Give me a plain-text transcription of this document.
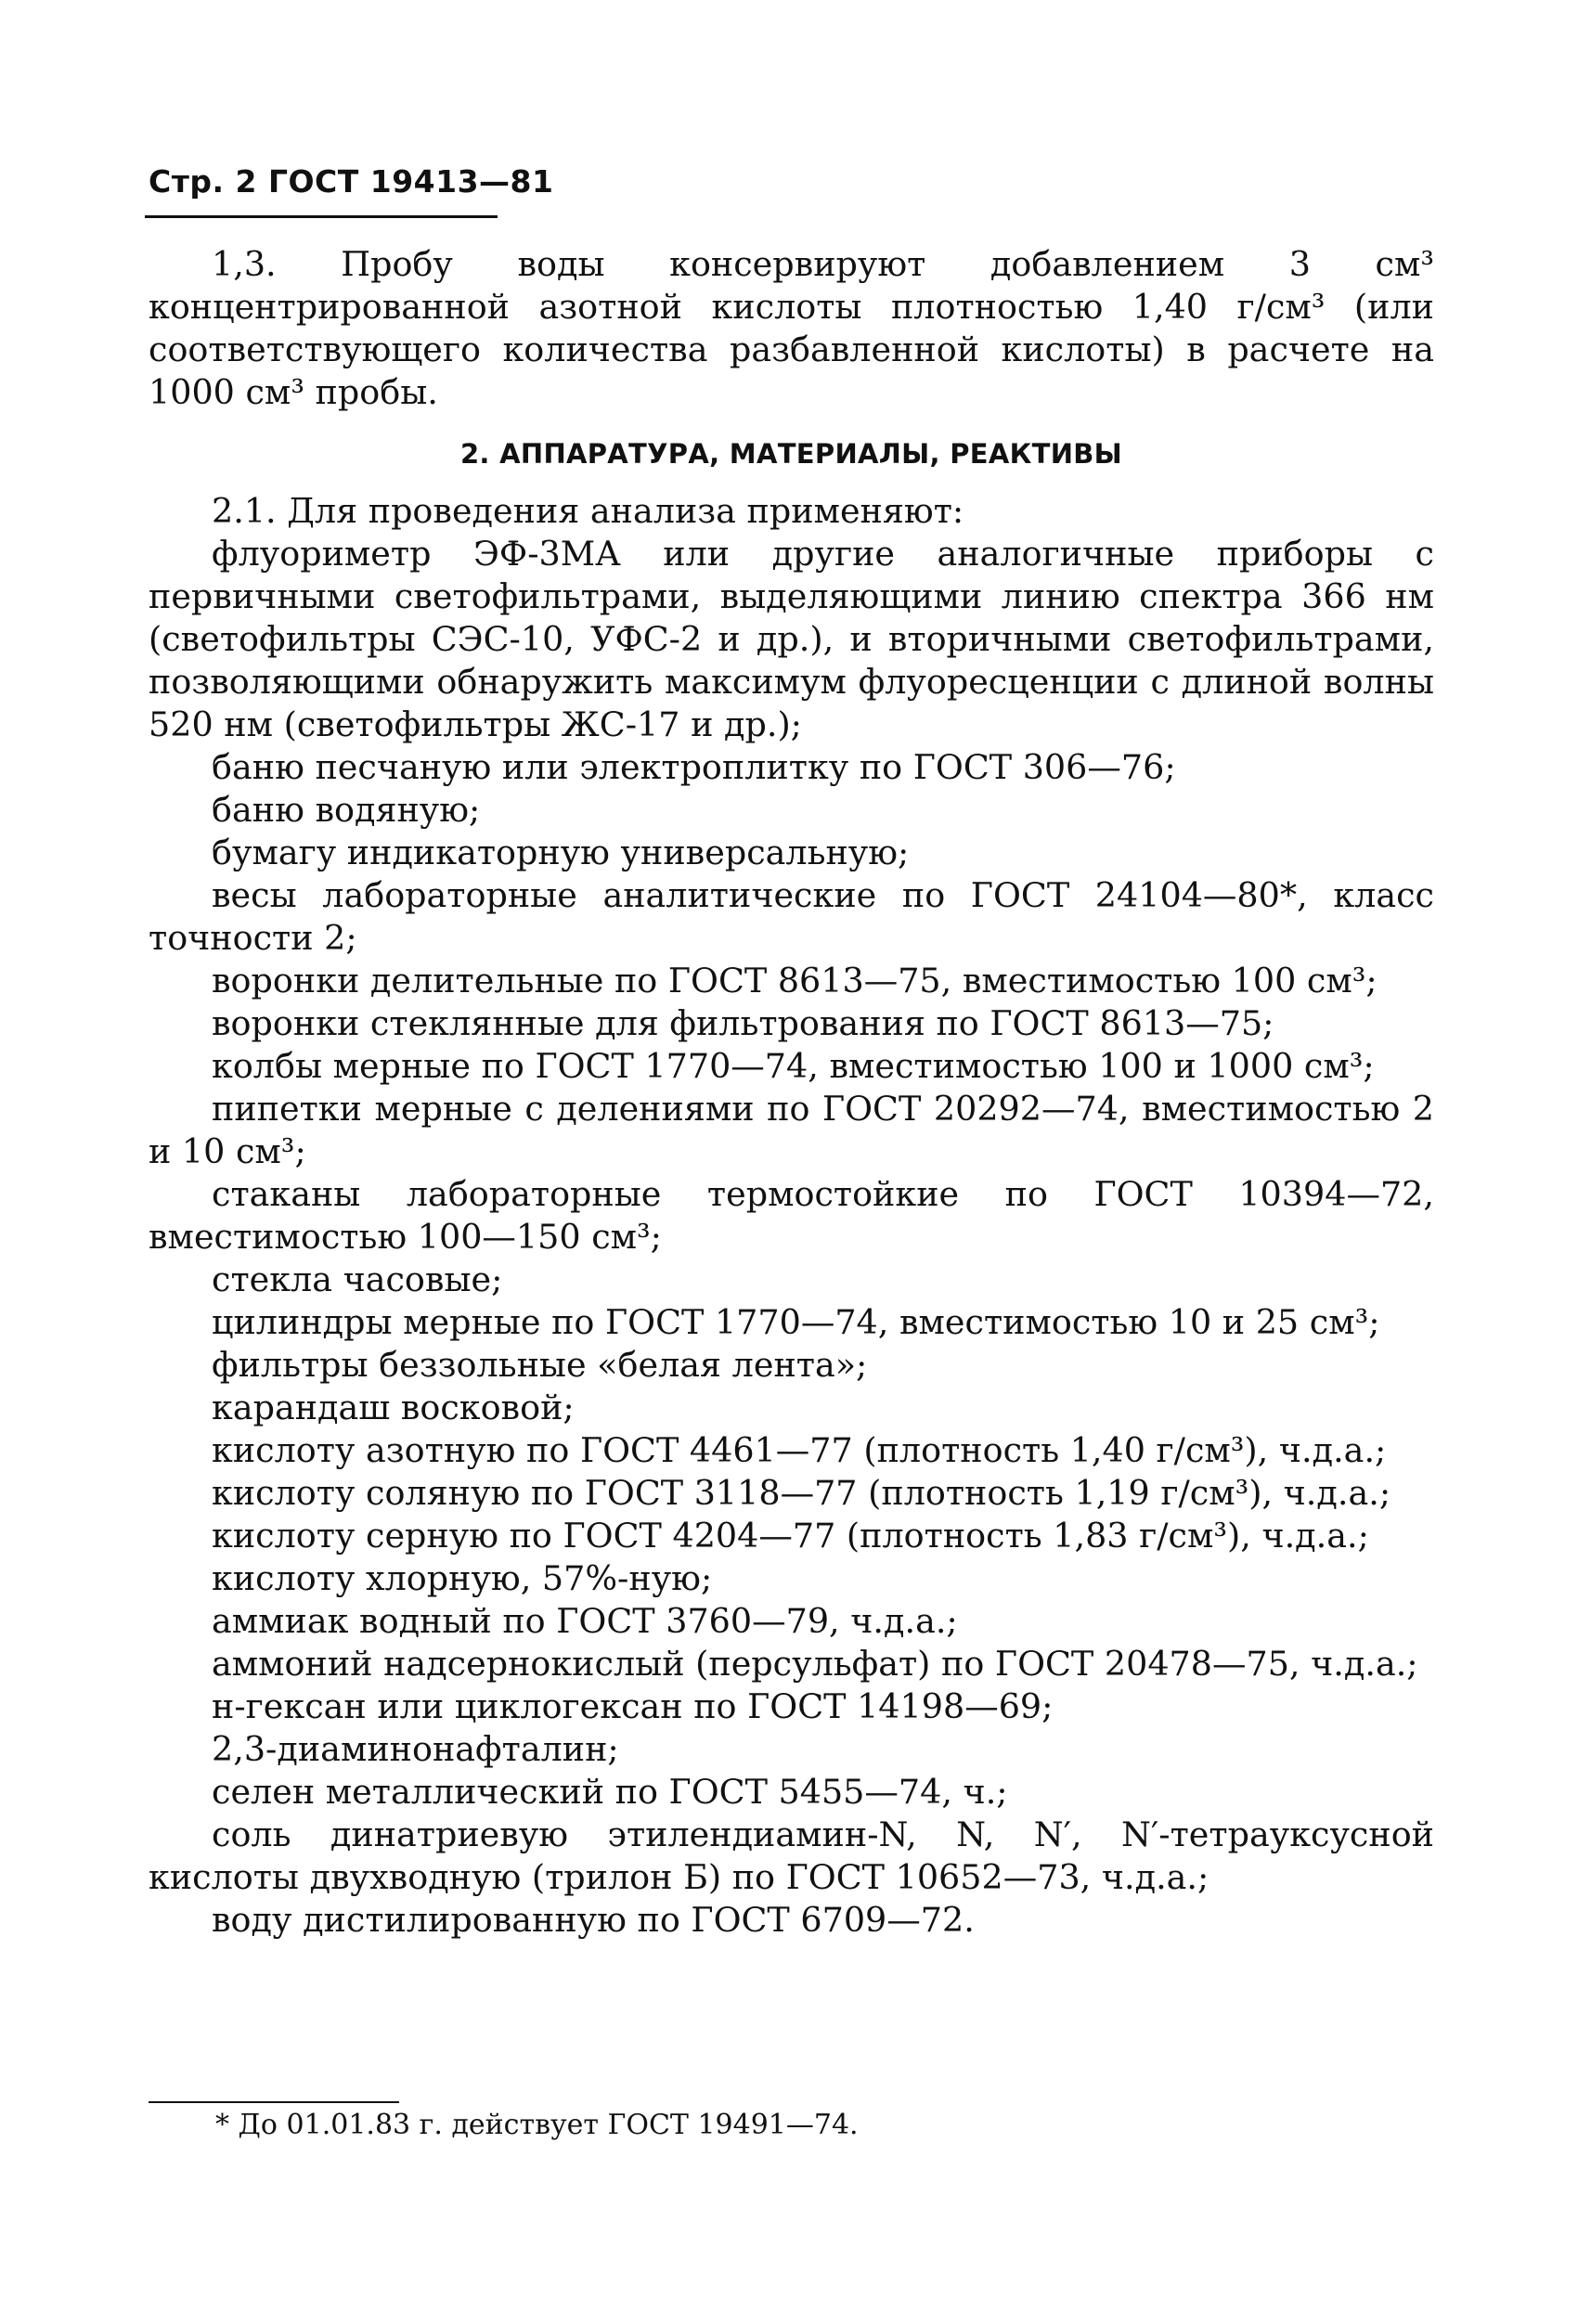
Стр. 2 ГОСТ 19413—81

1,3. Пробу воды консервируют добавлением 3 см³ концентрированной азотной кислоты плотностью 1,40 г/см³ (или соответствующего количества разбавленной кислоты) в расчете на 1000 см³ пробы.

2. АППАРАТУРА, МАТЕРИАЛЫ, РЕАКТИВЫ

2.1. Для проведения анализа применяют:

флуориметр ЭФ-3МА или другие аналогичные приборы с первичными светофильтрами, выделяющими линию спектра 366 нм (светофильтры СЭС-10, УФС-2 и др.), и вторичными светофильтрами, позволяющими обнаружить максимум флуоресценции с длиной волны 520 нм (светофильтры ЖС-17 и др.);

баню песчаную или электроплитку по ГОСТ 306—76;

баню водяную;

бумагу индикаторную универсальную;

весы лабораторные аналитические по ГОСТ 24104—80*, класс точности 2;

воронки делительные по ГОСТ 8613—75, вместимостью 100 см³;

воронки стеклянные для фильтрования по ГОСТ 8613—75;

колбы мерные по ГОСТ 1770—74, вместимостью 100 и 1000 см³;

пипетки мерные с делениями по ГОСТ 20292—74, вместимостью 2 и 10 см³;

стаканы лабораторные термостойкие по ГОСТ 10394—72, вместимостью 100—150 см³;

стекла часовые;

цилиндры мерные по ГОСТ 1770—74, вместимостью 10 и 25 см³;

фильтры беззольные «белая лента»;

карандаш восковой;

кислоту азотную по ГОСТ 4461—77 (плотность 1,40 г/см³), ч.д.а.;

кислоту соляную по ГОСТ 3118—77 (плотность 1,19 г/см³), ч.д.а.;

кислоту серную по ГОСТ 4204—77 (плотность 1,83 г/см³), ч.д.а.;

кислоту хлорную, 57%-ную;

аммиак водный по ГОСТ 3760—79, ч.д.а.;

аммоний надсернокислый (персульфат) по ГОСТ 20478—75, ч.д.а.;

н-гексан или циклогексан по ГОСТ 14198—69;

2,3-диаминонафталин;

селен металлический по ГОСТ 5455—74, ч.;

соль динатриевую этилендиамин-N, N, N′, N′-тетрауксусной кислоты двухводную (трилон Б) по ГОСТ 10652—73, ч.д.а.;

воду дистилированную по ГОСТ 6709—72.

* До 01.01.83 г. действует ГОСТ 19491—74.
